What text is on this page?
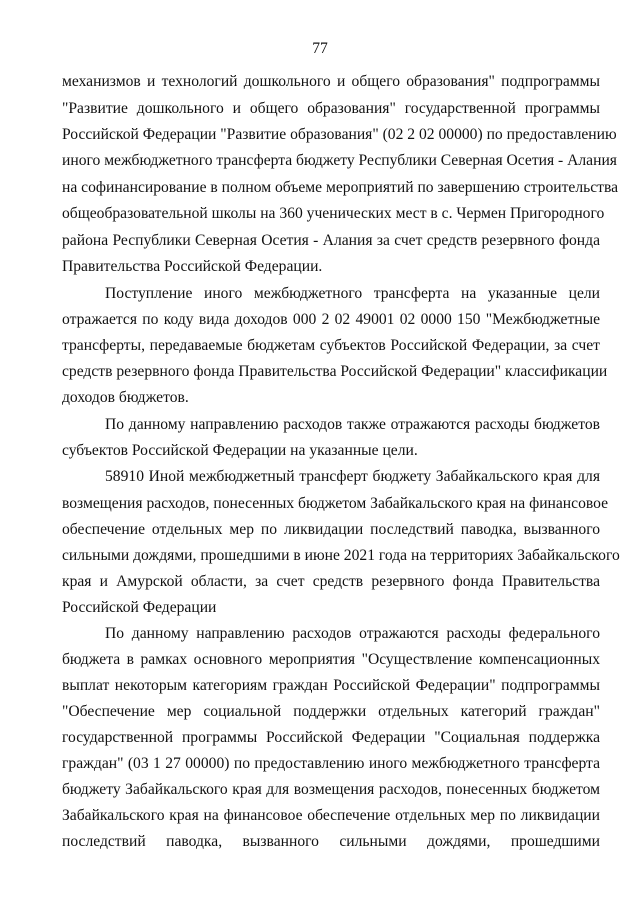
77
механизмов и технологий дошкольного и общего образования" подпрограммы
"Развитие дошкольного и общего образования" государственной программы
Российской Федерации "Развитие образования" (02 2 02 00000) по предоставлению
иного межбюджетного трансферта бюджету Республики Северная Осетия - Алания
на софинансирование в полном объеме мероприятий по завершению строительства
общеобразовательной школы на 360 ученических мест в с. Чермен Пригородного
района Республики Северная Осетия - Алания за счет средств резервного фонда
Правительства Российской Федерации.
Поступление иного межбюджетного трансферта на указанные цели
отражается по коду вида доходов 000 2 02 49001 02 0000 150 "Межбюджетные
трансферты, передаваемые бюджетам субъектов Российской Федерации, за счет
средств резервного фонда Правительства Российской Федерации" классификации
доходов бюджетов.
По данному направлению расходов также отражаются расходы бюджетов
субъектов Российской Федерации на указанные цели.
58910 Иной межбюджетный трансферт бюджету Забайкальского края для
возмещения расходов, понесенных бюджетом Забайкальского края на финансовое
обеспечение отдельных мер по ликвидации последствий паводка, вызванного
сильными дождями, прошедшими в июне 2021 года на территориях Забайкальского
края и Амурской области, за счет средств резервного фонда Правительства
Российской Федерации
По данному направлению расходов отражаются расходы федерального
бюджета в рамках основного мероприятия "Осуществление компенсационных
выплат некоторым категориям граждан Российской Федерации" подпрограммы
"Обеспечение мер социальной поддержки отдельных категорий граждан"
государственной программы Российской Федерации "Социальная поддержка
граждан" (03 1 27 00000) по предоставлению иного межбюджетного трансферта
бюджету Забайкальского края для возмещения расходов, понесенных бюджетом
Забайкальского края на финансовое обеспечение отдельных мер по ликвидации
последствий паводка, вызванного сильными дождями, прошедшими
